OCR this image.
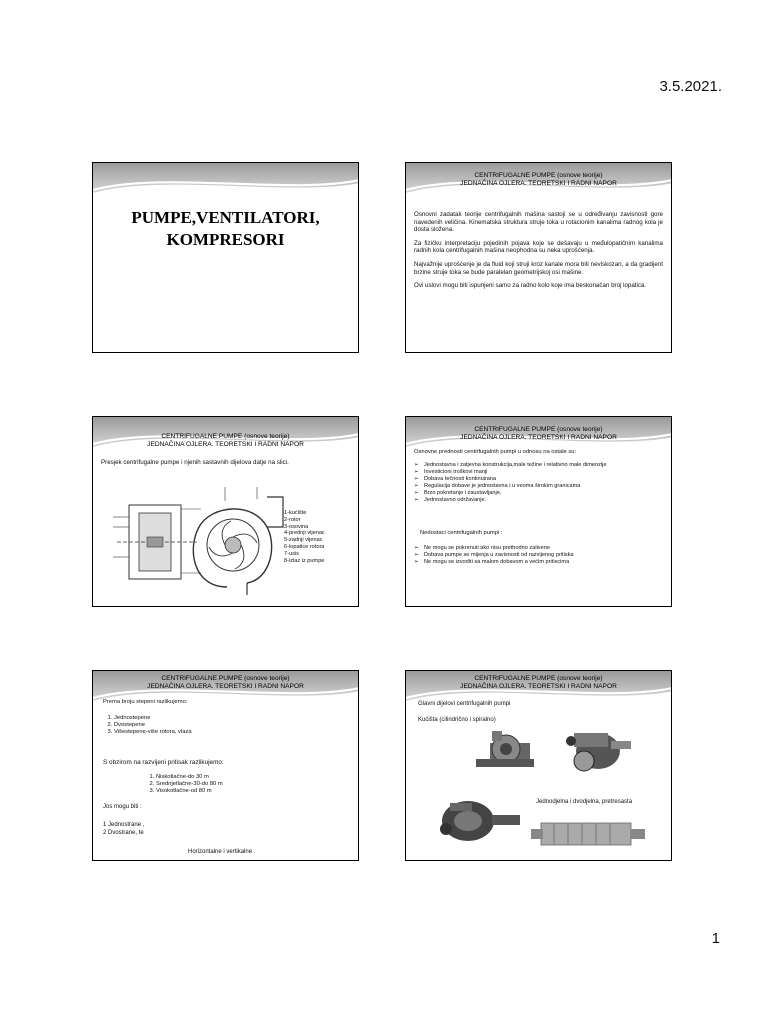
3.5.2021.
PUMPE,VENTILATORI,
KOMPRESORI
CENTRIFUGALNE PUMPE (osnove teorije)
JEDNAČINA OJLERA. TEORETSKI I RADNI NAPOR

Osnovni zadatak teorije centrifugalnih mašina sastoji se u određivanju zavisnosti gore navedenih veličina. Kinematska struktura struje toka u rotacionim kanalima radnog kola je dosta složena.

Za fizičku interpretaciju pojedinih pojava koje se dešavaju u međulopatičnim kanalima radnih kola centrifugalnih mašina neophodna su neka uprošćenja.

Najvažnije uprošćenje je da fluid koji struji kroz kanale mora biti neviskozan, a da gradijent brzine struje toka se bude paralelan geometrijskoj osi mašine.

Ovi uslovi mogu biti ispunjeni samo za radno kolo koje ima beskonačan broj lopatica.

CENTRIFUGALNE PUMPE (osnove teorije)
JEDNAČINA OJLERA. TEORETSKI I RADNI NAPOR
Presjek centrifugalne pumpe i njenih sastavnih dijelova datje na slici.
1-kućište
2-rotor
3-osovina
4-prednji vijenac
5-zadnji vijenac
6-lopatice rotora
7-usis
8-izlaz iz pumpe
CENTRIFUGALNE PUMPE (osnove teorije)
JEDNAČINA OJLERA. TEORETSKI I RADNI NAPOR
Osnovne prednosti centrifugalnih pumpi u odnosu na ostale su:
➢ Jednostavna i zatjevna konstrukcija,male težine i relativno male dimenzije
➢ Investicioni troškovi manji
➢ Dobava tečnosti kontinuirana
➢ Regulacija dobave je jednostavna i u veoma širokim granicama
➢ Brzo pokretanje i zaustavljanje,
➢ Jednostavno održavanje.
Nedostaci centrifugalnih pumpi :
➢ Ne mogu se pokrenuti ako nisu prethodno zalivene
➢ Dobava pumpe se mijenja u zavisnosti od razvijenog pritiska
➢ Ne mogu se izvoditi sa malom dobavom a većim pritiscima
CENTRIFUGALNE PUMPE (osnove teorije)
JEDNAČINA OJLERA. TEORETSKI I RADNI NAPOR
Prema broju stepeni razlikujemo:
1. Jednostepene
2. Dvostepene
3. Višestepene-više rotora, vlaza
S obzirom na razvijeni pritisak razlikujemo:
1. Niskotlačne-do 30 m
2. Srednjetlačne-30-do 80 m
3. Visokotlačne-od 80 m
Jos mogu biti :
1 Jednostrane ,
2 Dvostrane, te
Horizontalne i vertikalne .
CENTRIFUGALNE PUMPE (osnove teorije)
JEDNAČINA OJLERA. TEORETSKI I RADNI NAPOR
Glavni dijelovi centrifugalnih pumpi
Kućišta (cilindrično i spiralno)
Jednodjelna i dvodjelna, pretresasta
1
